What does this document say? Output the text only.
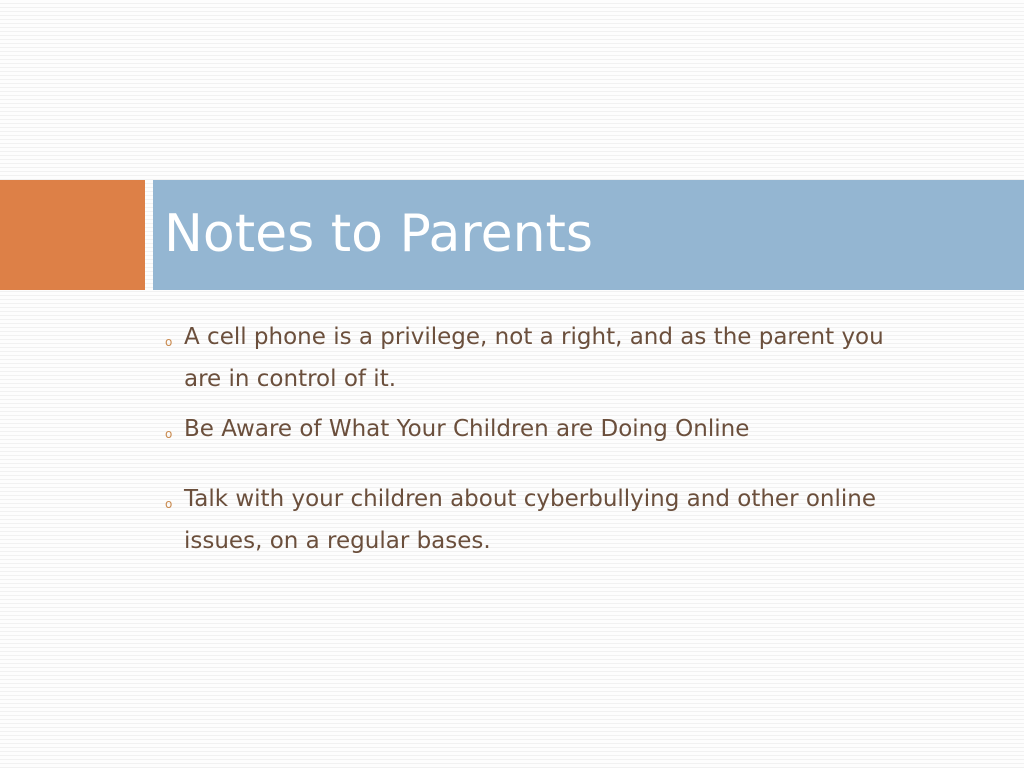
Notes to Parents
o A cell phone is a privilege, not a right, and as the parent you are in control of it.
o Be Aware of What Your Children are Doing Online
o Talk with your children about cyberbullying and other online issues, on a regular bases.
